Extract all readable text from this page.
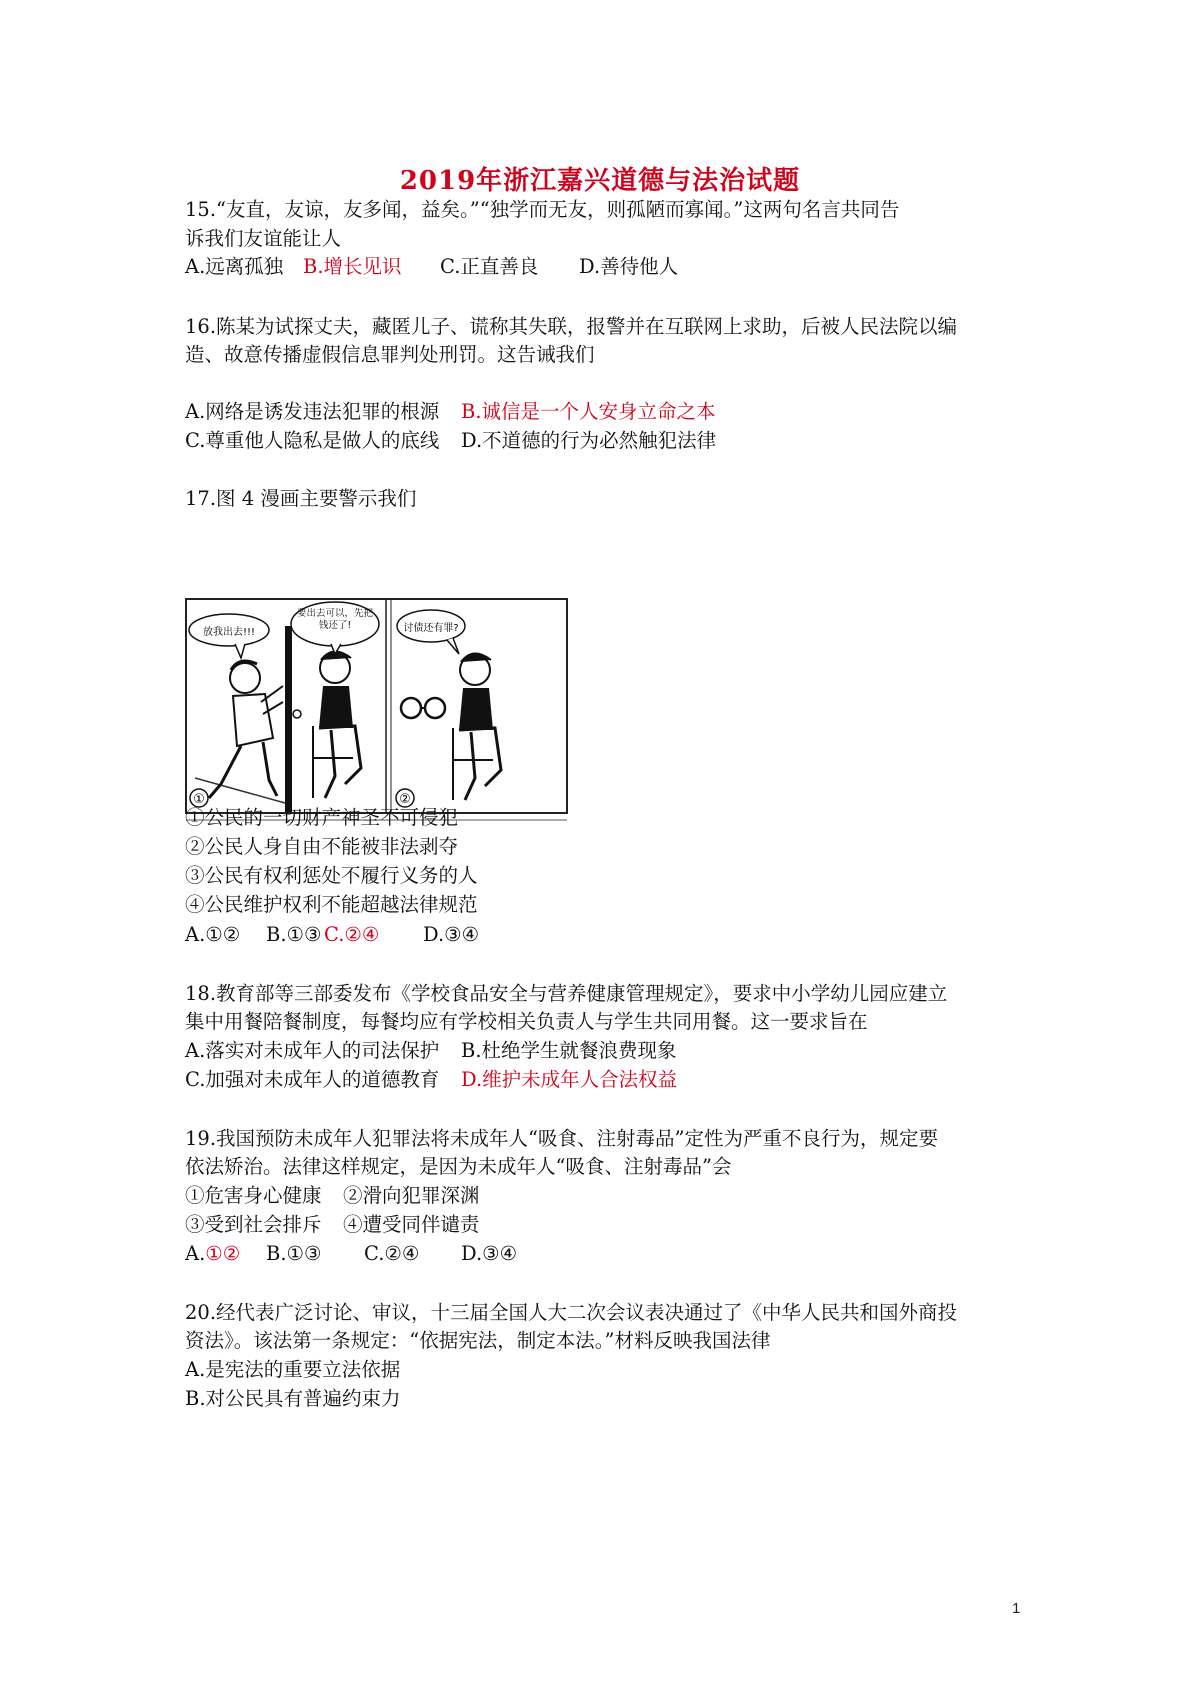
2019年浙江嘉兴道德与法治试题
15.“友直，友谅，友多闻，益矣。”“独学而无友，则孤陋而寡闻。”这两句名言共同告
诉我们友谊能让人
A.远离孤独 B.增长见识 C.正直善良 D.善待他人
16.陈某为试探丈夫，藏匿儿子、谎称其失联，报警并在互联网上求助，后被人民法院以编
造、故意传播虚假信息罪判处刑罚。这告诫我们
A.网络是诱发违法犯罪的根源 B.诚信是一个人安身立命之本
C.尊重他人隐私是做人的底线 D.不道德的行为必然触犯法律
17.图 4 漫画主要警示我们
放我出去!!!
要出去可以，先把钱还了!
①
讨债还有罪?
②
①公民的一切财产神圣不可侵犯
②公民人身自由不能被非法剥夺
③公民有权利惩处不履行义务的人
④公民维护权利不能超越法律规范
A.①② B.①③ C.②④ D.③④
18.教育部等三部委发布《学校食品安全与营养健康管理规定》，要求中小学幼儿园应建立
集中用餐陪餐制度，每餐均应有学校相关负责人与学生共同用餐。这一要求旨在
A.落实对未成年人的司法保护 B.杜绝学生就餐浪费现象
C.加强对未成年人的道德教育 D.维护未成年人合法权益
19.我国预防未成年人犯罪法将未成年人“吸食、注射毒品”定性为严重不良行为，规定要
依法矫治。法律这样规定，是因为未成年人“吸食、注射毒品”会
①危害身心健康 ②滑向犯罪深渊
③受到社会排斥 ④遭受同伴谴责
A.①② B.①③ C.②④ D.③④
20.经代表广泛讨论、审议，十三届全国人大二次会议表决通过了《中华人民共和国外商投
资法》。该法第一条规定：“依据宪法，制定本法。”材料反映我国法律
A.是宪法的重要立法依据
B.对公民具有普遍约束力
1
